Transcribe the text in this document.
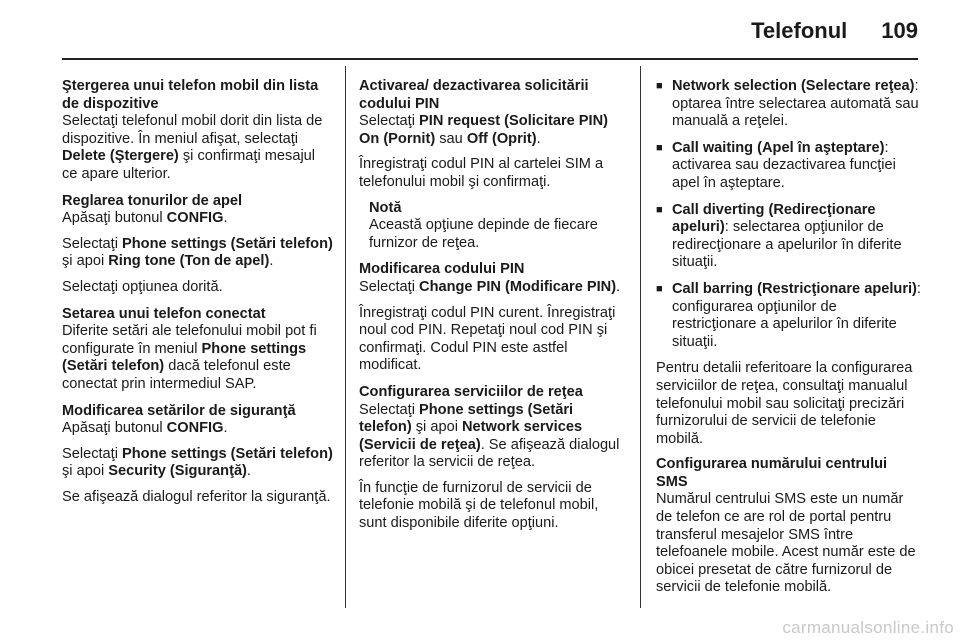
Telefonul 109
Ştergerea unui telefon mobil din lista de dispozitive
Selectaţi telefonul mobil dorit din lista de dispozitive. În meniul afişat, selectaţi Delete (Ştergere) şi confirmaţi mesajul ce apare ulterior.
Reglarea tonurilor de apel

Apăsaţi butonul CONFIG.

Selectaţi Phone settings (Setări telefon) şi apoi Ring tone (Ton de apel).

Selectaţi opţiunea dorită.

Setarea unui telefon conectat
Diferite setări ale telefonului mobil pot fi configurate în meniul Phone settings (Setări telefon) dacă telefonul este conectat prin intermediul SAP.
Modificarea setărilor de siguranţă

Apăsaţi butonul CONFIG.

Selectaţi Phone settings (Setări telefon) şi apoi Security (Siguranţă).

Se afişează dialogul referitor la siguranţă.

Activarea/ dezactivarea solicitării codului PIN

Selectaţi PIN request (Solicitare PIN) On (Pornit) sau Off (Oprit).

Înregistraţi codul PIN al cartelei SIM a telefonului mobil şi confirmaţi.

Notă
Această opţiune depinde de fiecare furnizor de reţea.
Modificarea codului PIN

Selectaţi Change PIN (Modificare PIN).

Înregistraţi codul PIN curent. Înregistraţi noul cod PIN. Repetaţi noul cod PIN şi confirmaţi. Codul PIN este astfel modificat.

Configurarea serviciilor de reţea

Selectaţi Phone settings (Setări telefon) şi apoi Network services (Servicii de reţea). Se afişează dialogul referitor la servicii de reţea.

În funcţie de furnizorul de servicii de telefonie mobilă şi de telefonul mobil, sunt disponibile diferite opţiuni.

■ Network selection (Selectare reţea): optarea între selectarea automată sau manuală a reţelei.
■ Call waiting (Apel în aşteptare): activarea sau dezactivarea funcţiei apel în aşteptare.
■ Call diverting (Redirecţionare apeluri): selectarea opţiunilor de redirecţionare a apelurilor în diferite situaţii.
■ Call barring (Restricţionare apeluri): configurarea opţiunilor de restricţionare a apelurilor în diferite situaţii.

Pentru detalii referitoare la configurarea serviciilor de reţea, consultaţi manualul telefonului mobil sau solicitaţi precizări furnizorului de servicii de telefonie mobilă.

Configurarea numărului centrului SMS
Numărul centrului SMS este un număr de telefon ce are rol de portal pentru transferul mesajelor SMS între telefoanele mobile. Acest număr este de obicei presetat de către furnizorul de servicii de telefonie mobilă.
carmanualsonline.info
